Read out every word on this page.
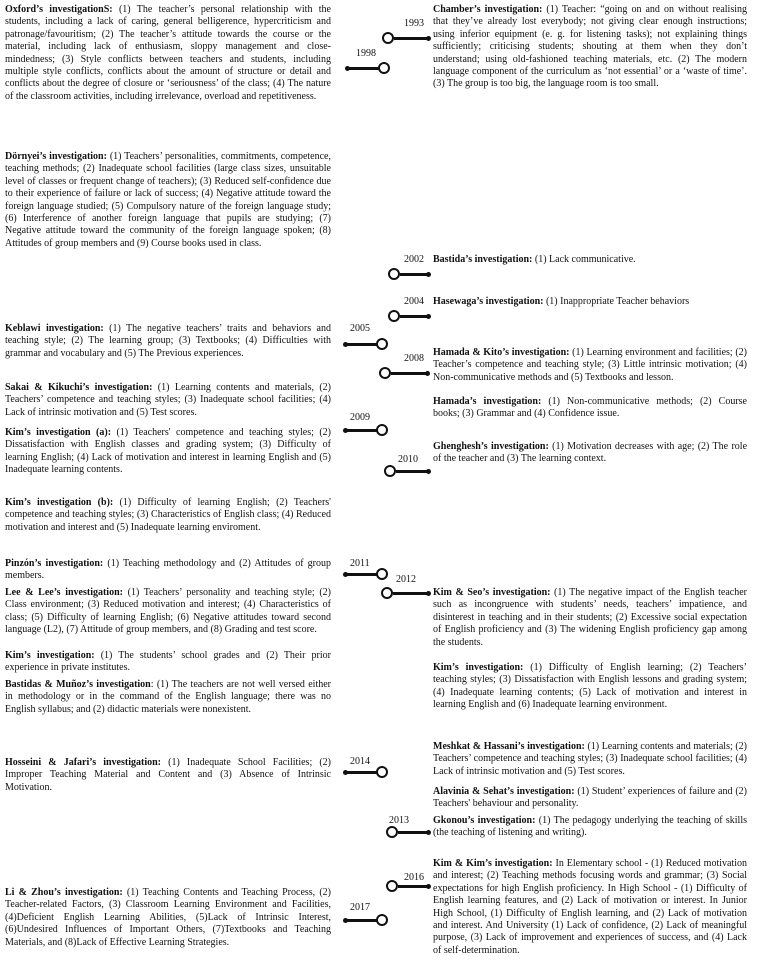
Oxford’s investigationS: (1) The teacher’s personal relationship with the students, including a lack of caring, general belligerence, hypercriticism and patronage/favouritism; (2) The teacher’s attitude towards the course or the material, including lack of enthusiasm, sloppy management and close-mindedness; (3) Style conflicts between teachers and students, including multiple style conflicts, conflicts about the amount of structure or detail and conflicts about the degree of closure or ‘seriousness’ of the class; (4) The nature of the classroom activities, including irrelevance, overload and repetitiveness.
Dörnyei’s investigation: (1) Teachers’ personalities, commitments, competence, teaching methods; (2) Inadequate school facilities (large class sizes, unsuitable level of classes or frequent change of teachers); (3) Reduced self-confidence due to their experience of failure or lack of success; (4) Negative attitude toward the foreign language studied; (5) Compulsory nature of the foreign language study; (6) Interference of another foreign language that pupils are studying; (7) Negative attitude toward the community of the foreign language spoken; (8) Attitudes of group members and (9) Course books used in class.
Keblawi investigation: (1) The negative teachers’ traits and behaviors and teaching style; (2) The learning group; (3) Textbooks; (4) Difficulties with grammar and vocabulary and (5) The Previous experiences.
Sakai & Kikuchi’s investigation: (1) Learning contents and materials, (2) Teachers’ competence and teaching styles; (3) Inadequate school facilities; (4) Lack of intrinsic motivation and (5) Test scores.
Kim’s investigation (a): (1) Teachers' competence and teaching styles; (2) Dissatisfaction with English classes and grading system; (3) Difficulty of learning English; (4) Lack of motivation and interest in learning English and (5) Inadequate learning contents.
Kim’s investigation (b): (1) Difficulty of learning English; (2) Teachers' competence and teaching styles; (3) Characteristics of English class; (4) Reduced motivation and interest and (5) Inadequate learning enviroment.
Pinzón’s investigation: (1) Teaching methodology and (2) Attitudes of group members.
Lee & Lee’s investigation: (1) Teachers’ personality and teaching style; (2) Class environment; (3) Reduced motivation and interest; (4) Characteristics of class; (5) Difficulty of learning English; (6) Negative attitudes toward second language (L2), (7) Attitude of group members, and (8) Grading and test score.
Kim’s investigation: (1) The students’ school grades and (2) Their prior experience in private institutes.
Bastidas & Muñoz’s investigation: (1) The teachers are not well versed either in methodology or in the command of the English language; there was no English syllabus; and (2) didactic materials were nonexistent.
Hosseini & Jafari’s investigation: (1) Inadequate School Facilities; (2) Improper Teaching Material and Content and (3) Absence of Intrinsic Motivation.
Li & Zhou’s investigation: (1) Teaching Contents and Teaching Process, (2) Teacher-related Factors, (3) Classroom Learning Environment and Facilities, (4)Deficient English Learning Abilities, (5)Lack of Intrinsic Interest, (6)Undesired Influences of Important Others, (7)Textbooks and Teaching Materials, and (8)Lack of Effective Learning Strategies.
Chamber’s investigation: (1) Teacher: “going on and on without realising that they’ve already lost everybody; not giving clear enough instructions; using inferior equipment (e. g. for listening tasks); not explaining things sufficiently; criticising students; shouting at them when they don’t understand; using old-fashioned teaching materials, etc. (2) The modern language component of the curriculum as ‘not essential’ or a ‘waste of time’. (3) The group is too big, the language room is too small.
Bastida’s investigation: (1) Lack communicative.
Hasewaga’s investigation: (1) Inappropriate Teacher behaviors
Hamada & Kito’s investigation: (1) Learning environment and facilities; (2) Teacher’s competence and teaching style; (3) Little intrinsic motivation; (4) Non-communicative methods and (5) Textbooks and lesson.
Hamada’s investigation: (1) Non-communicative methods; (2) Course books; (3) Grammar and (4) Confidence issue.
Ghenghesh’s investigation: (1) Motivation decreases with age; (2) The role of the teacher and (3) The learning context.
Kim & Seo’s investigation: (1) The negative impact of the English teacher such as incongruence with students’ needs, teachers’ impatience, and disinterest in teaching and in their students; (2) Excessive social expectation of English proficiency and (3) The widening English proficiency gap among the students.
Kim’s investigation: (1) Difficulty of English learning; (2) Teachers’ teaching styles; (3) Dissatisfaction with English lessons and grading system; (4) Inadequate learning contents; (5) Lack of motivation and interest in learning English and (6) Inadequate learning environment.
Meshkat & Hassani’s investigation: (1) Learning contents and materials; (2) Teachers’ competence and teaching styles; (3) Inadequate school facilities; (4) Lack of intrinsic motivation and (5) Test scores.
Alavinia & Sehat’s investigation: (1) Student’ experiences of failure and (2) Teachers' behaviour and personality.
Gkonou’s investigation: (1) The pedagogy underlying the teaching of skills (the teaching of listening and writing).
Kim & Kim’s investigation: In Elementary school - (1) Reduced motivation and interest; (2) Teaching methods focusing words and grammar; (3) Social expectations for high English proficiency. In High School - (1) Difficulty of English learning features, and (2) Lack of motivation or interest. In Junior High School, (1) Difficulty of English learning, and (2) Lack of motivation and interest. And University (1) Lack of confidence, (2) Lack of meaningful purpose, (3) Lack of improvement and experiences of success, and (4) Lack of self-determination.
1993
1998
2002
2004
2005
2008
2009
2010
2011
2012
2014
2013
2016
2017
